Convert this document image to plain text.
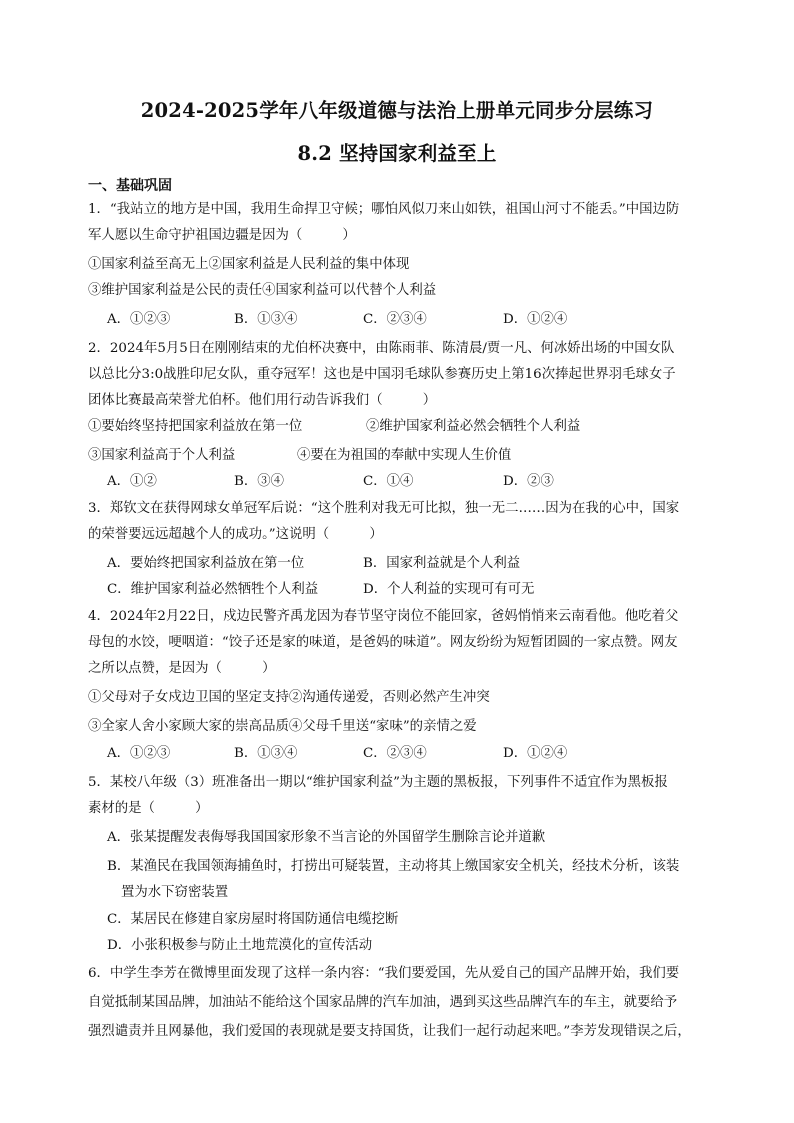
2024-2025学年八年级道德与法治上册单元同步分层练习
8.2 坚持国家利益至上
一、基础巩固
1．“我站立的地方是中国，我用生命捍卫守候；哪怕风似刀来山如铁，祖国山河寸不能丢。”中国边防
军人愿以生命守护祖国边疆是因为（　　　）
①国家利益至高无上②国家利益是人民利益的集中体现
③维护国家利益是公民的责任④国家利益可以代替个人利益
A．①②③	B．①③④	C．②③④	D．①②④
2．2024年5月5日在刚刚结束的尤伯杯决赛中，由陈雨菲、陈清晨/贾一凡、何冰娇出场的中国女队
以总比分3:0战胜印尼女队，重夺冠军！这也是中国羽毛球队参赛历史上第16次捧起世界羽毛球女子
团体比赛最高荣誉尤伯杯。他们用行动告诉我们（　　　）
①要始终坚持把国家利益放在第一位	②维护国家利益必然会牺牲个人利益
③国家利益高于个人利益	④要在为祖国的奉献中实现人生价值
A．①②	B．③④	C．①④	D．②③
3．郑钦文在获得网球女单冠军后说：“这个胜利对我无可比拟，独一无二……因为在我的心中，国家
的荣誉要远远超越个人的成功。”这说明（　　　）
A．要始终把国家利益放在第一位	B．国家利益就是个人利益
C．维护国家利益必然牺牲个人利益	D．个人利益的实现可有可无
4．2024年2月22日，戍边民警齐禹龙因为春节坚守岗位不能回家，爸妈悄悄来云南看他。他吃着父
母包的水饺，哽咽道：“饺子还是家的味道，是爸妈的味道”。网友纷纷为短暂团圆的一家点赞。网友
之所以点赞，是因为（　　　）
①父母对子女戍边卫国的坚定支持②沟通传递爱，否则必然产生冲突
③全家人舍小家顾大家的崇高品质④父母千里送“家味”的亲情之爱
A．①②③	B．①③④	C．②③④	D．①②④
5．某校八年级（3）班准备出一期以“维护国家利益”为主题的黑板报，下列事件不适宜作为黑板报
素材的是（　　　）
A．张某提醒发表侮辱我国国家形象不当言论的外国留学生删除言论并道歉
B．某渔民在我国领海捕鱼时，打捞出可疑装置，主动将其上缴国家安全机关，经技术分析，该装
置为水下窃密装置
C．某居民在修建自家房屋时将国防通信电缆挖断
D．小张积极参与防止土地荒漠化的宣传活动
6．中学生李芳在微博里面发现了这样一条内容：“我们要爱国，先从爱自己的国产品牌开始，我们要
自觉抵制某国品牌，加油站不能给这个国家品牌的汽车加油，遇到买这些品牌汽车的车主，就要给予
强烈谴责并且网暴他，我们爱国的表现就是要支持国货，让我们一起行动起来吧。”李芳发现错误之后，
